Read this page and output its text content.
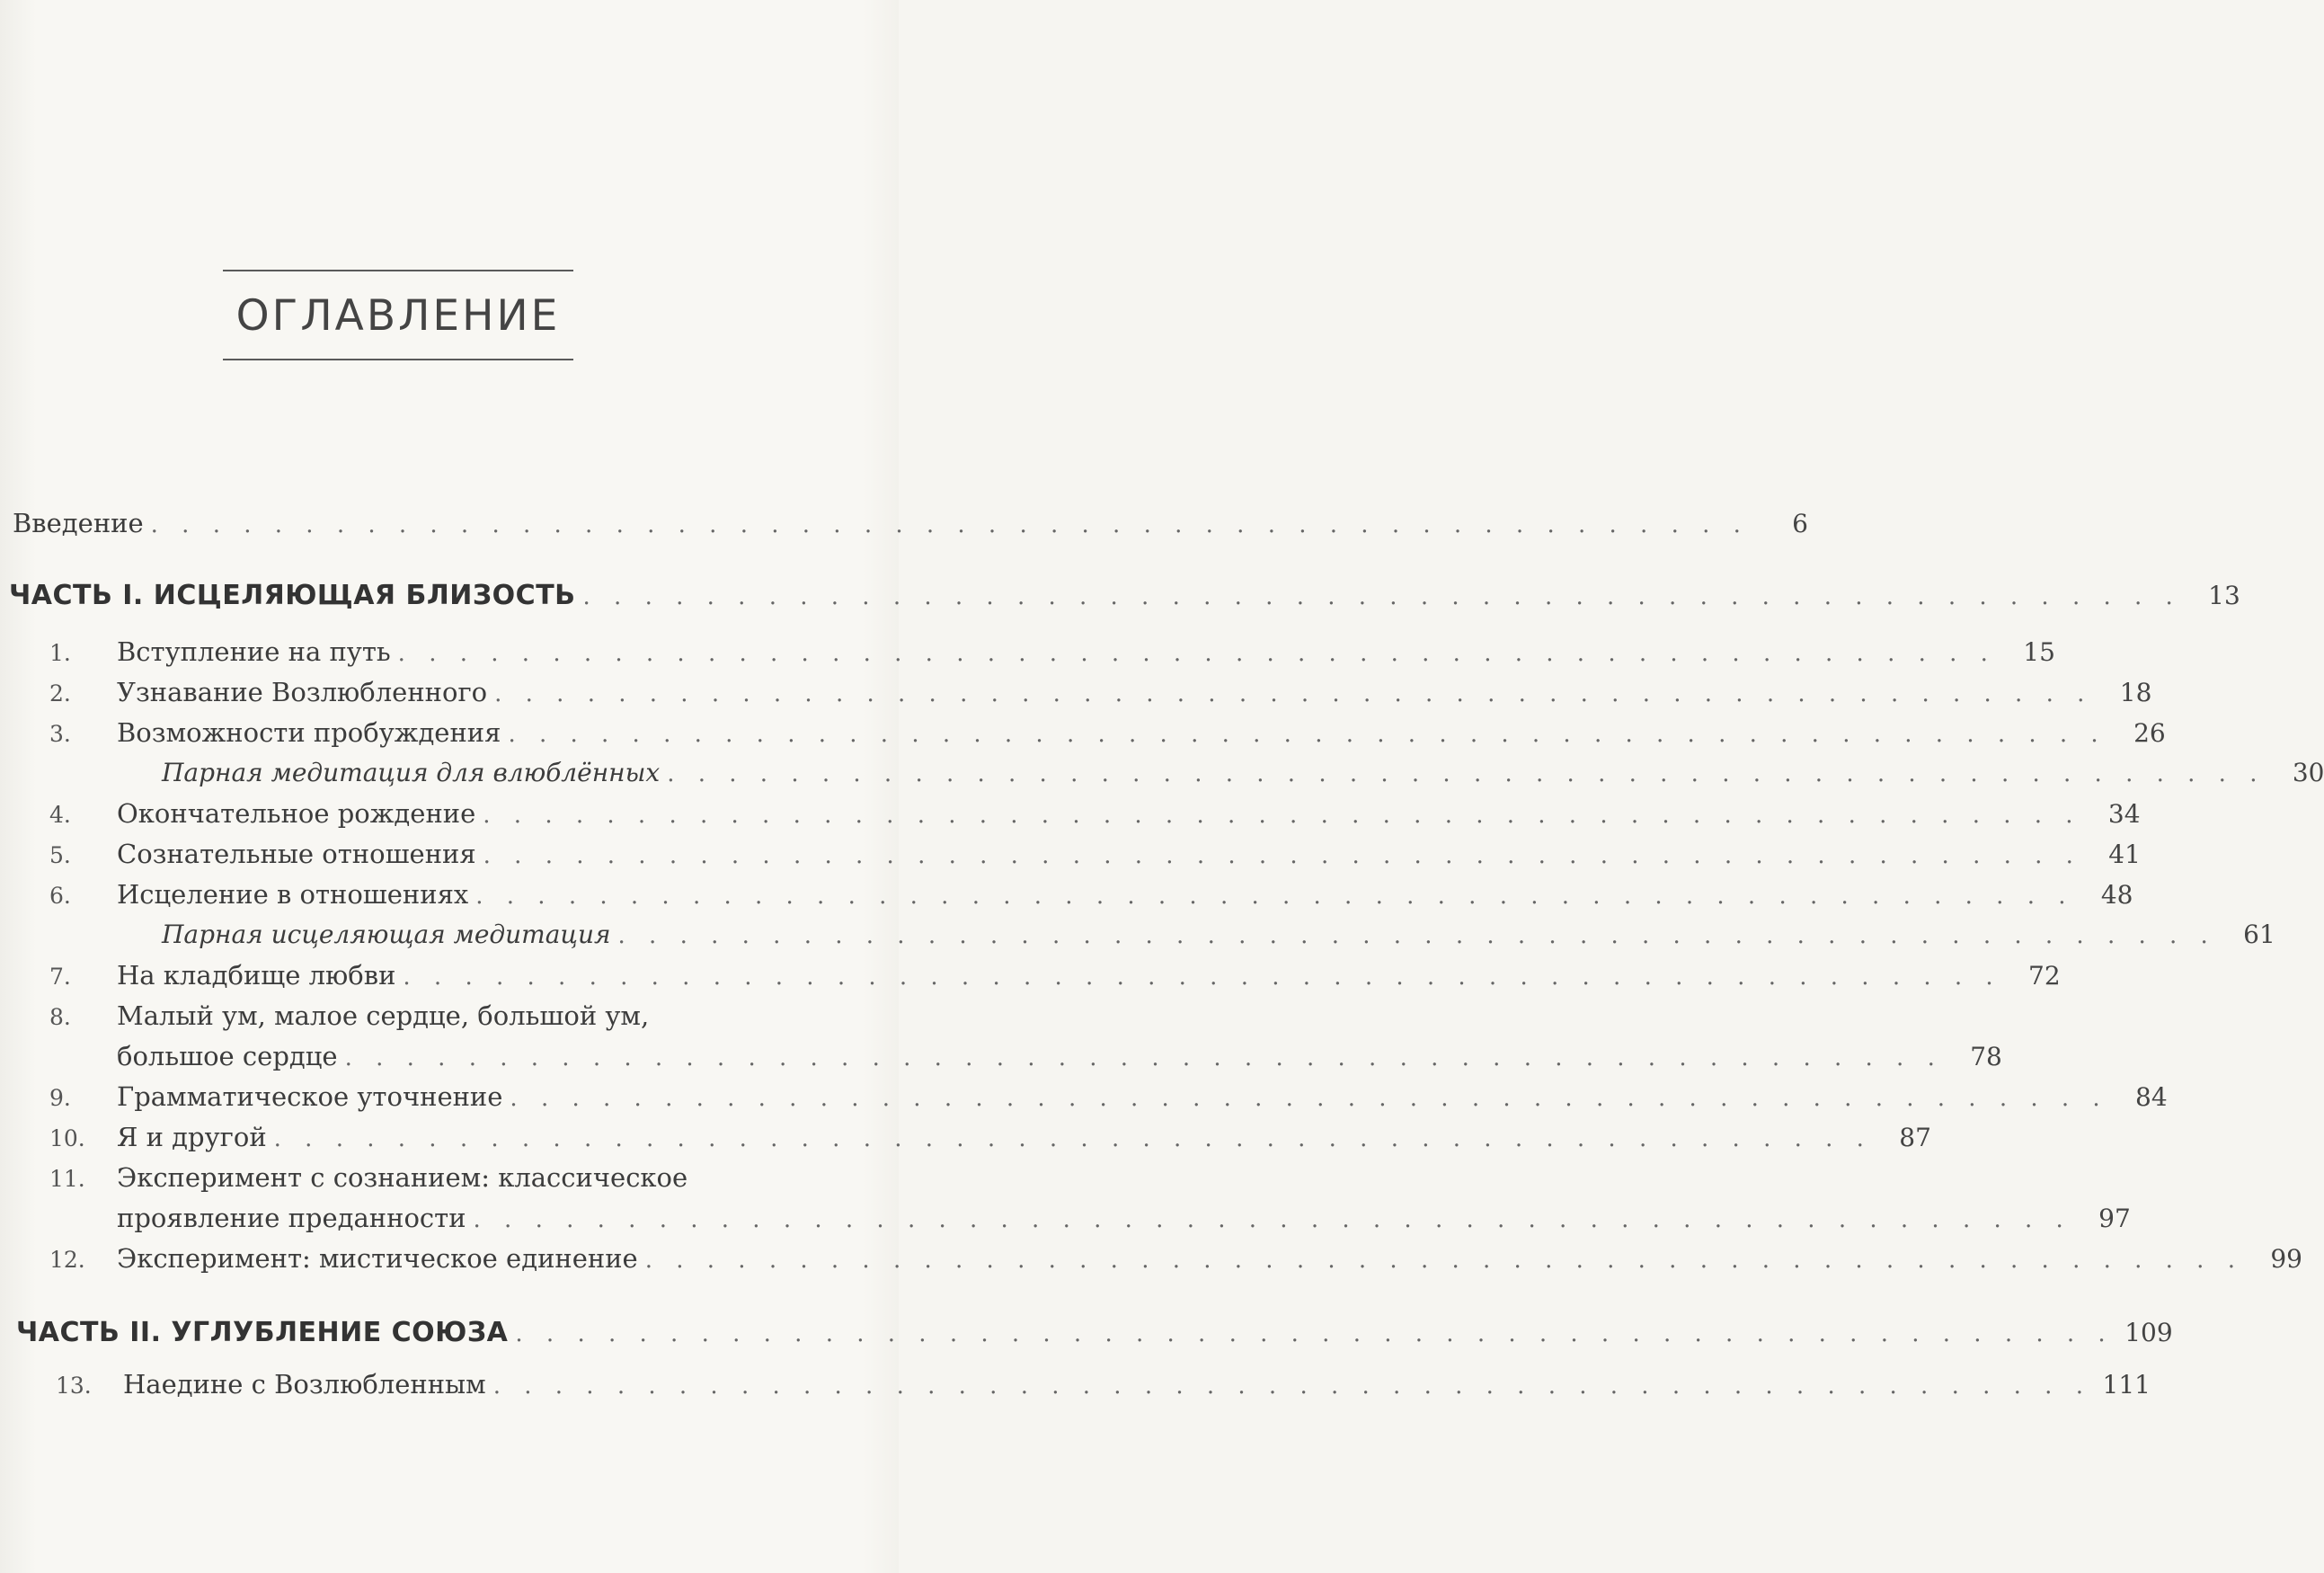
ОГЛАВЛЕНИЕ
Введение . . . . . . . . . . . . . . . . . . . . . . . . . . . . . . . . . . . . . . . . . . . . . . . . . . . .	6
ЧАСТЬ I. ИСЦЕЛЯЮЩАЯ БЛИЗОСТЬ . . . . . . . . . . . . . . . . . . . . . . . . . . . . . . . . . . . . . . . . . . . . . . . . . . . .	13
1. Вступление на путь . . . . . . . . . . . . . . . . . . . . . . . . . . . . . . . . . . . . . . . . . . . . . . . . . . . .	15
2. Узнавание Возлюбленного . . . . . . . . . . . . . . . . . . . . . . . . . . . . . . . . . . . . . . . . . . . . . . . . . . . .	18
3. Возможности пробуждения . . . . . . . . . . . . . . . . . . . . . . . . . . . . . . . . . . . . . . . . . . . . . . . . . . . .	26
Парная медитация для влюблённых . . . . . . . . . . . . . . . . . . . . . . . . . . . . . . . . . . . . . . . . . . . . . . . . . . . .	30
4. Окончательное рождение . . . . . . . . . . . . . . . . . . . . . . . . . . . . . . . . . . . . . . . . . . . . . . . . . . . .	34
5. Сознательные отношения . . . . . . . . . . . . . . . . . . . . . . . . . . . . . . . . . . . . . . . . . . . . . . . . . . . .	41
6. Исцеление в отношениях . . . . . . . . . . . . . . . . . . . . . . . . . . . . . . . . . . . . . . . . . . . . . . . . . . . .	48
Парная исцеляющая медитация . . . . . . . . . . . . . . . . . . . . . . . . . . . . . . . . . . . . . . . . . . . . . . . . . . . .	61
7. На кладбище любви . . . . . . . . . . . . . . . . . . . . . . . . . . . . . . . . . . . . . . . . . . . . . . . . . . . .	72
8. Малый ум, малое сердце, большой ум,
большое сердце . . . . . . . . . . . . . . . . . . . . . . . . . . . . . . . . . . . . . . . . . . . . . . . . . . . .	78
9. Грамматическое уточнение . . . . . . . . . . . . . . . . . . . . . . . . . . . . . . . . . . . . . . . . . . . . . . . . . . . .	84
10. Я и другой . . . . . . . . . . . . . . . . . . . . . . . . . . . . . . . . . . . . . . . . . . . . . . . . . . . .	87
11. Эксперимент с сознанием: классическое
проявление преданности . . . . . . . . . . . . . . . . . . . . . . . . . . . . . . . . . . . . . . . . . . . . . . . . . . . .	97
12. Эксперимент: мистическое единение . . . . . . . . . . . . . . . . . . . . . . . . . . . . . . . . . . . . . . . . . . . . . . . . . . . .	99
ЧАСТЬ II. УГЛУБЛЕНИЕ СОЮЗА . . . . . . . . . . . . . . . . . . . . . . . . . . . . . . . . . . . . . . . . . . . . . . . . . . . . 109
13. Наедине с Возлюбленным . . . . . . . . . . . . . . . . . . . . . . . . . . . . . . . . . . . . . . . . . . . . . . . . . . . . 111
